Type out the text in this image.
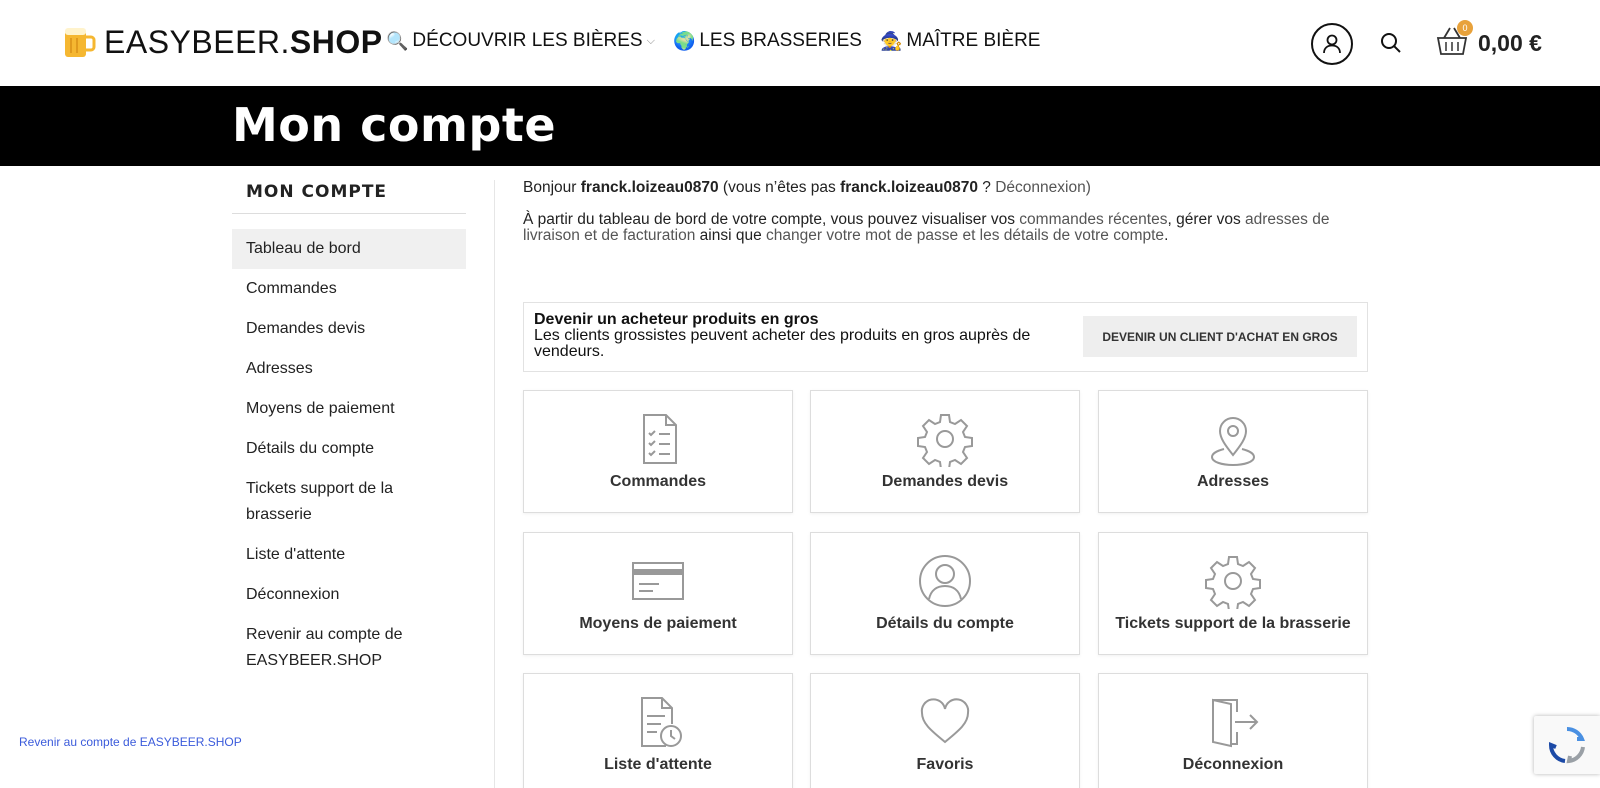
EASYBEER.SHOP 🔍 DÉCOUVRIR LES BIÈRES ⌵ 🌍 LES BRASSERIES 🧙 MAÎTRE BIÈRE
0
0,00 €
Mon compte
MON COMPTE
Tableau de bord
Commandes
Demandes devis
Adresses
Moyens de paiement
Détails du compte
Tickets support de la brasserie
Liste d'attente
Déconnexion
Revenir au compte de EASYBEER.SHOP

Bonjour franck.loizeau0870 (vous n’êtes pas franck.loizeau0870 ? Déconnexion)

À partir du tableau de bord de votre compte, vous pouvez visualiser vos commandes récentes, gérer vos adresses de livraison et de facturation ainsi que changer votre mot de passe et les détails de votre compte.

Devenir un acheteur produits en gros
Les clients grossistes peuvent acheter des produits en gros auprès de vendeurs.
DEVENIR UN CLIENT D'ACHAT EN GROS
Commandes	Demandes devis	Adresses
Moyens de paiement	Détails du compte	Tickets support de la brasserie
Liste d'attente	Favoris	Déconnexion
Revenir au compte de EASYBEER.SHOP
